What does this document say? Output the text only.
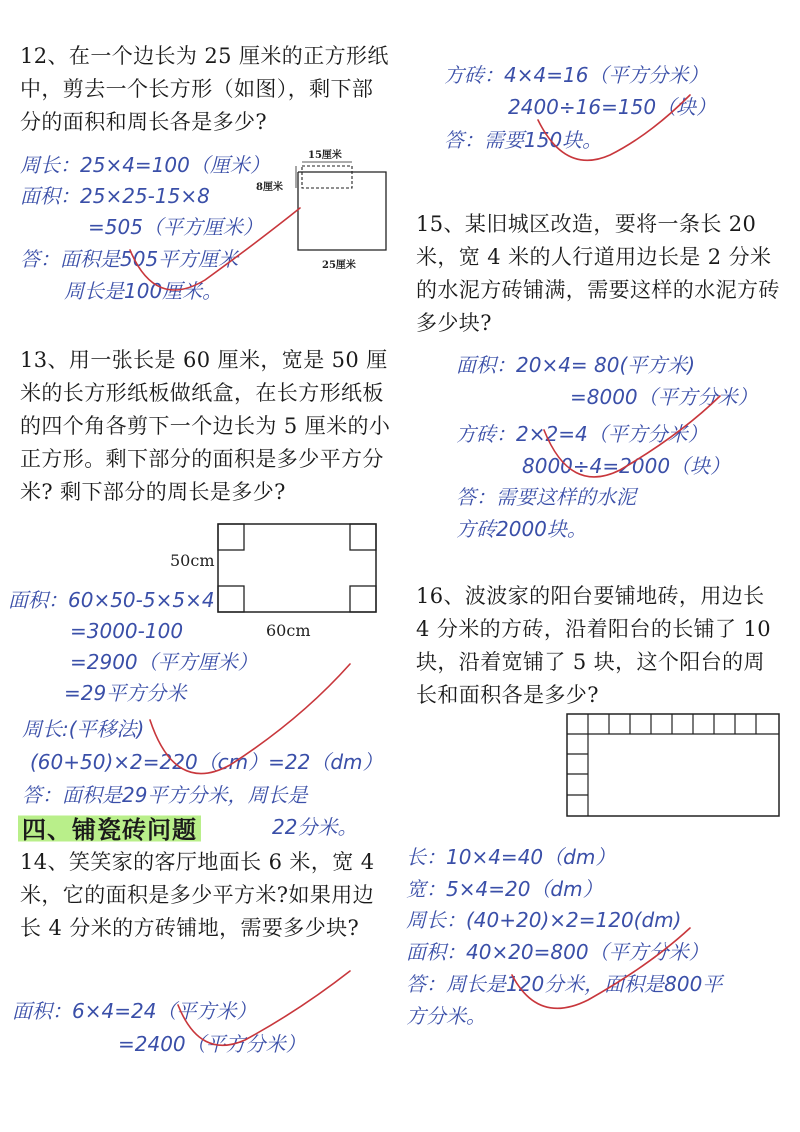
12、在一个边长为 25 厘米的正方形纸中，剪去一个长方形（如图），剩下部分的面积和周长各是多少?
15厘米
8厘米
25厘米
周长：25×4=100（厘米）
面积：25×25-15×8
=505（平方厘米）
答：面积是505平方厘米
周长是100厘米。
13、用一张长是 60 厘米，宽是 50 厘米的长方形纸板做纸盒，在长方形纸板的四个角各剪下一个边长为 5 厘米的小正方形。剩下部分的面积是多少平方分米? 剩下部分的周长是多少?
50cm
60cm
面积：60×50-5×5×4
=3000-100
=2900（平方厘米）
=29平方分米
周长:(平移法)
(60+50)×2=220（cm）=22（dm）
答：面积是29平方分米，周长是
22分米。
四、铺瓷砖问题
14、笑笑家的客厅地面长 6 米，宽 4 米，它的面积是多少平方米?如果用边长 4 分米的方砖铺地，需要多少块?
面积：6×4=24（平方米）
=2400（平方分米）
方砖：4×4=16（平方分米）
2400÷16=150（块）
答：需要150块。
15、某旧城区改造，要将一条长 20 米，宽 4 米的人行道用边长是 2 分米的水泥方砖铺满，需要这样的水泥方砖多少块?
面积：20×4= 80(平方米)
=8000（平方分米）
方砖：2×2=4（平方分米）
8000÷4=2000（块）
答：需要这样的水泥
方砖2000块。
16、波波家的阳台要铺地砖，用边长 4 分米的方砖，沿着阳台的长铺了 10 块，沿着宽铺了 5 块，这个阳台的周长和面积各是多少?
长：10×4=40（dm）
宽：5×4=20（dm）
周长：(40+20)×2=120(dm)
面积：40×20=800（平方分米）
答：周长是120分米，面积是800平
方分米。
